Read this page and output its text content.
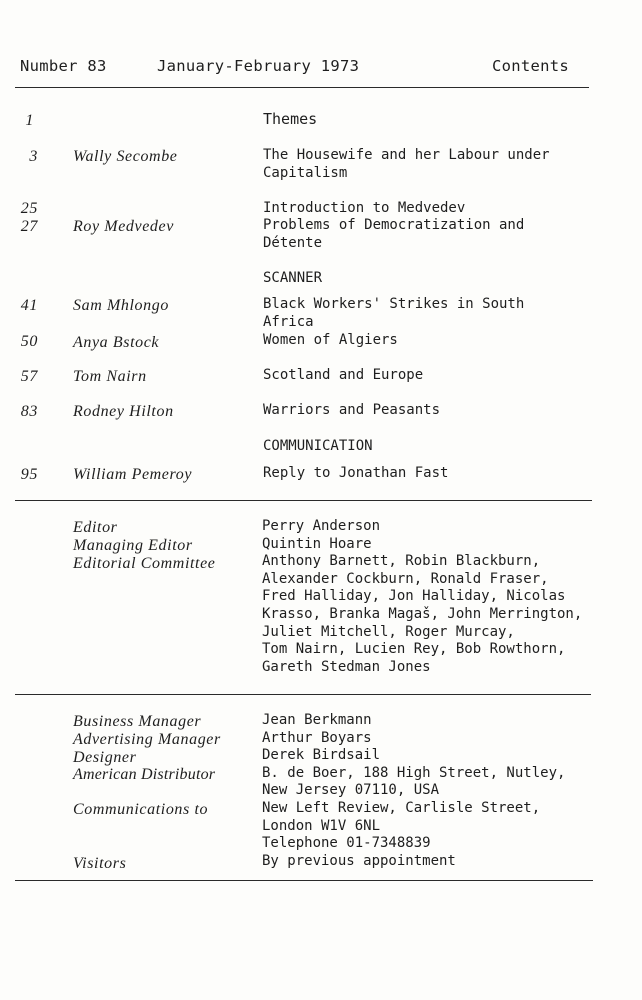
Number 83	January-February 1973	Contents
1	Themes
3 Wally Secombe	The Housewife and her Labour under
Capitalism
25	Introduction to Medvedev
27 Roy Medvedev	Problems of Democratization and
Détente
SCANNER
41 Sam Mhlongo	Black Workers' Strikes in South
Africa
50 Anya Bstock	Women of Algiers
57 Tom Nairn	Scotland and Europe
83 Rodney Hilton	Warriors and Peasants
COMMUNICATION
95 William Pemeroy	Reply to Jonathan Fast
Editor	Perry Anderson
Managing Editor	Quintin Hoare
Editorial Committee	Anthony Barnett, Robin Blackburn,
Alexander Cockburn, Ronald Fraser,
Fred Halliday, Jon Halliday, Nicolas
Krasso, Branka Magaš, John Merrington,
Juliet Mitchell, Roger Murcay,
Tom Nairn, Lucien Rey, Bob Rowthorn,
Gareth Stedman Jones
Business Manager	Jean Berkmann
Advertising Manager	Arthur Boyars
Designer	Derek Birdsail
American Distributor	B. de Boer, 188 High Street, Nutley,
New Jersey 07110, USA
Communications to	New Left Review, Carlisle Street,
London W1V 6NL
Telephone 01-7348839
Visitors	By previous appointment
